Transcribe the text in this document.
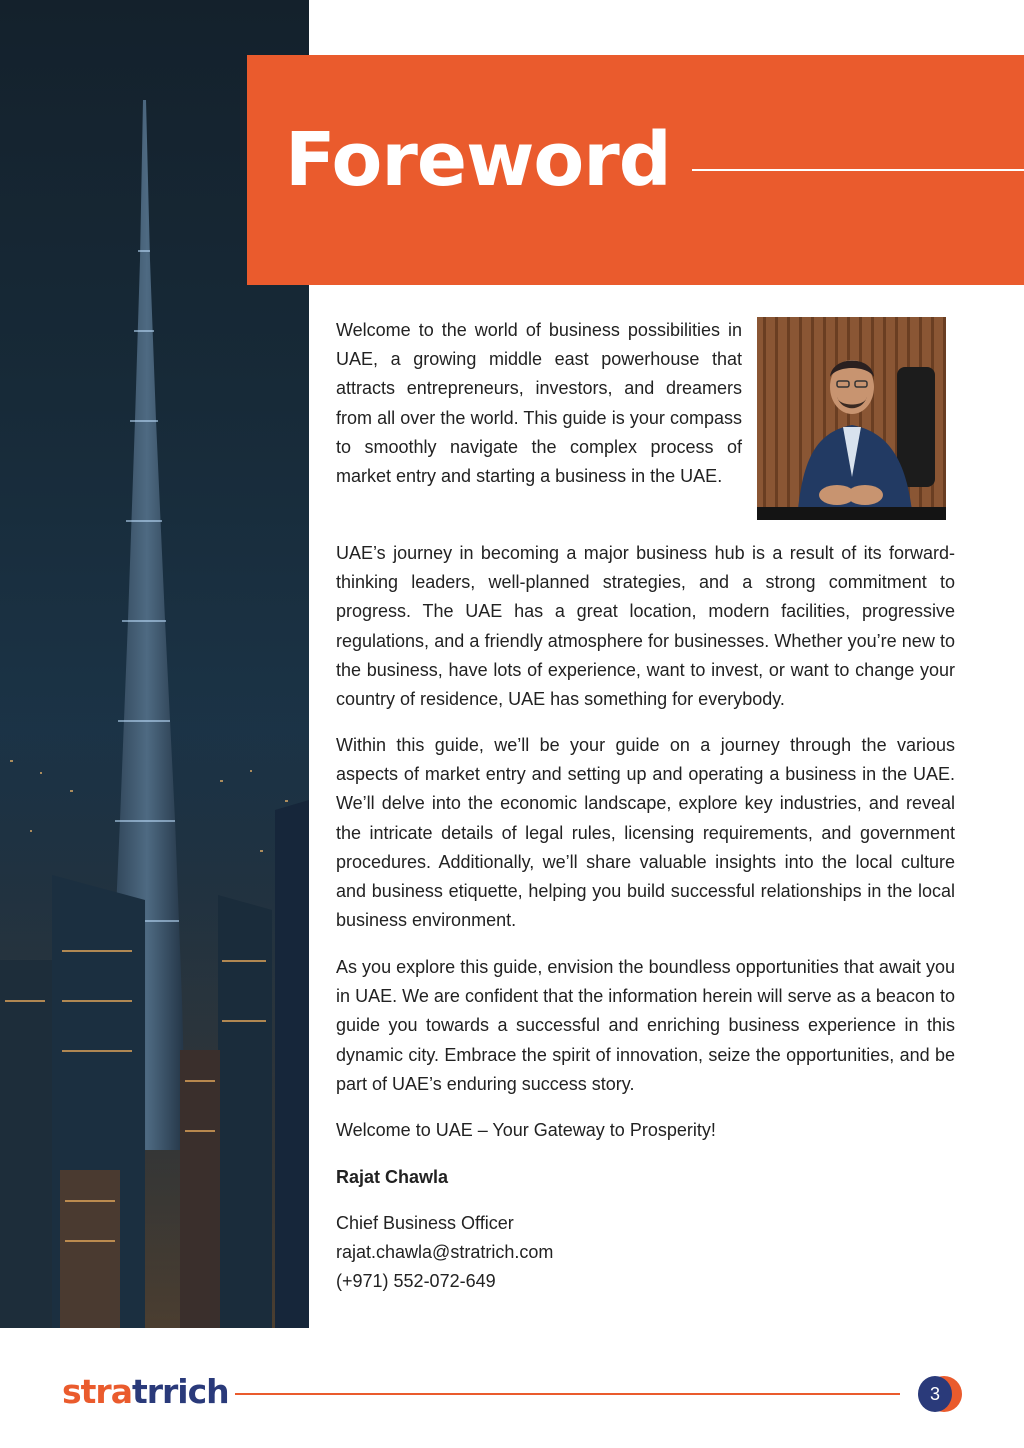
Foreword

Welcome to the world of business possibilities in UAE, a growing middle east powerhouse that attracts entrepreneurs, investors, and dreamers from all over the world. This guide is your compass to smoothly navigate the complex process of market entry and starting a business in the UAE.

UAE’s journey in becoming a major business hub is a result of its forward-thinking leaders, well-planned strategies, and a strong commitment to progress. The UAE has a great location, modern facilities, progressive regulations, and a friendly atmosphere for businesses. Whether you’re new to the business, have lots of experience, want to invest, or want to change your country of residence, UAE has something for everybody.

Within this guide, we’ll be your guide on a journey through the various aspects of market entry and setting up and operating a business in the UAE. We’ll delve into the economic landscape, explore key industries, and reveal the intricate details of legal rules, licensing requirements, and government procedures. Additionally, we’ll share valuable insights into the local culture and business etiquette, helping you build successful relationships in the local business environment.

As you explore this guide, envision the boundless opportunities that await you in UAE. We are confident that the information herein will serve as a beacon to guide you towards a successful and enriching business experience in this dynamic city. Embrace the spirit of innovation, seize the opportunities, and be part of UAE’s enduring success story.

Welcome to UAE – Your Gateway to Prosperity!

Rajat Chawla

Chief Business Officer
rajat.chawla@stratrich.com
(+971) 552-072-649
stratrrich	3
